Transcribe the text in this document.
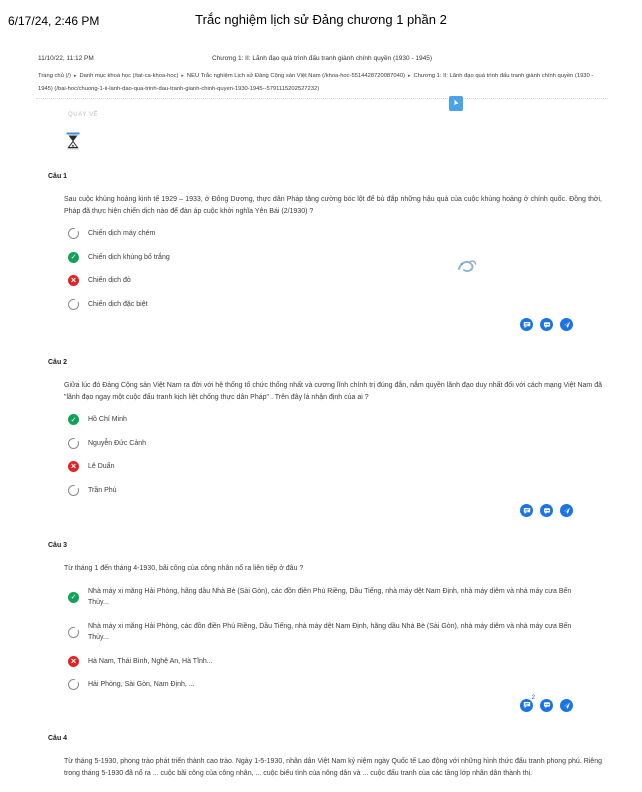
6/17/24, 2:46 PM	Trắc nghiệm lịch sử Đảng chương 1 phần 2
11/10/22, 11:12 PM	Chương 1: II: Lãnh đạo quá trình đấu tranh giành chính quyền (1930 - 1945)
Trang chủ (/) ▸ Danh mục khoá học (/tat-ca-khoa-hoc) ▸ NEU Trắc nghiệm Lịch sử Đảng Cộng sản Việt Nam (/khoa-hoc-5514428720087040) ▸ Chương 1: II: Lãnh đạo quá trình đấu tranh giành chính quyền (1930 - 1945) (/bai-hoc/chuong-1-ii-lanh-dao-qua-trinh-dau-tranh-gianh-chinh-quyen-1930-1945--5791115202527232)
QUAY VỀ
Câu 1
Sau cuộc khủng hoảng kinh tế 1929 – 1933, ở Đông Dương, thực dân Pháp tăng cường bóc lột để bù đắp những hậu quả của cuộc khủng hoảng ở chính quốc. Đồng thời, Pháp đã thực hiện chiến dịch nào để đàn áp cuộc khởi nghĩa Yên Bái (2/1930) ?
Chiến dịch máy chém
✓
Chiến dịch khủng bố trắng
×
Chiến dịch đỏ
Chiến dịch đặc biệt
Câu 2
Giữa lúc đó Đảng Cộng sản Việt Nam ra đời với hệ thống tổ chức thống nhất và cương lĩnh chính trị đúng đắn, nắm quyền lãnh đạo duy nhất đối với cách mạng Việt Nam đã "lãnh đạo ngay một cuộc đấu tranh kịch liệt chống thực dân Pháp" . Trên đây là nhận định của ai ?
✓
Hồ Chí Minh
Nguyễn Đức Cảnh
×
Lê Duẩn
Trần Phú
Câu 3
Từ tháng 1 đến tháng 4-1930, bãi công của công nhân nổ ra liên tiếp ở đâu ?
✓
Nhà máy xi măng Hải Phòng, hãng dầu Nhà Bè (Sài Gòn), các đồn điền Phú Riềng, Dầu Tiếng, nhà máy dệt Nam Định, nhà máy diêm và nhà máy cưa Bến Thủy...
Nhà máy xi măng Hải Phòng, các đồn điền Phú Riềng, Dầu Tiếng, nhà máy dệt Nam Định, hãng dầu Nhà Bè (Sài Gòn), nhà máy diêm và nhà máy cưa Bến Thủy...
×
Hà Nam, Thái Bình, Nghệ An, Hà Tĩnh...
Hải Phòng, Sài Gòn, Nam Định, ...
2
Câu 4
Từ tháng 5-1930, phong trào phát triển thành cao trào. Ngày 1-5-1930, nhân dân Việt Nam kỷ niệm ngày Quốc tế Lao động với những hình thức đấu tranh phong phú. Riêng trong tháng 5-1930 đã nổ ra ... cuộc bãi công của công nhân, ... cuộc biểu tình của nông dân và ... cuộc đấu tranh của các tầng lớp nhân dân thành thị.
